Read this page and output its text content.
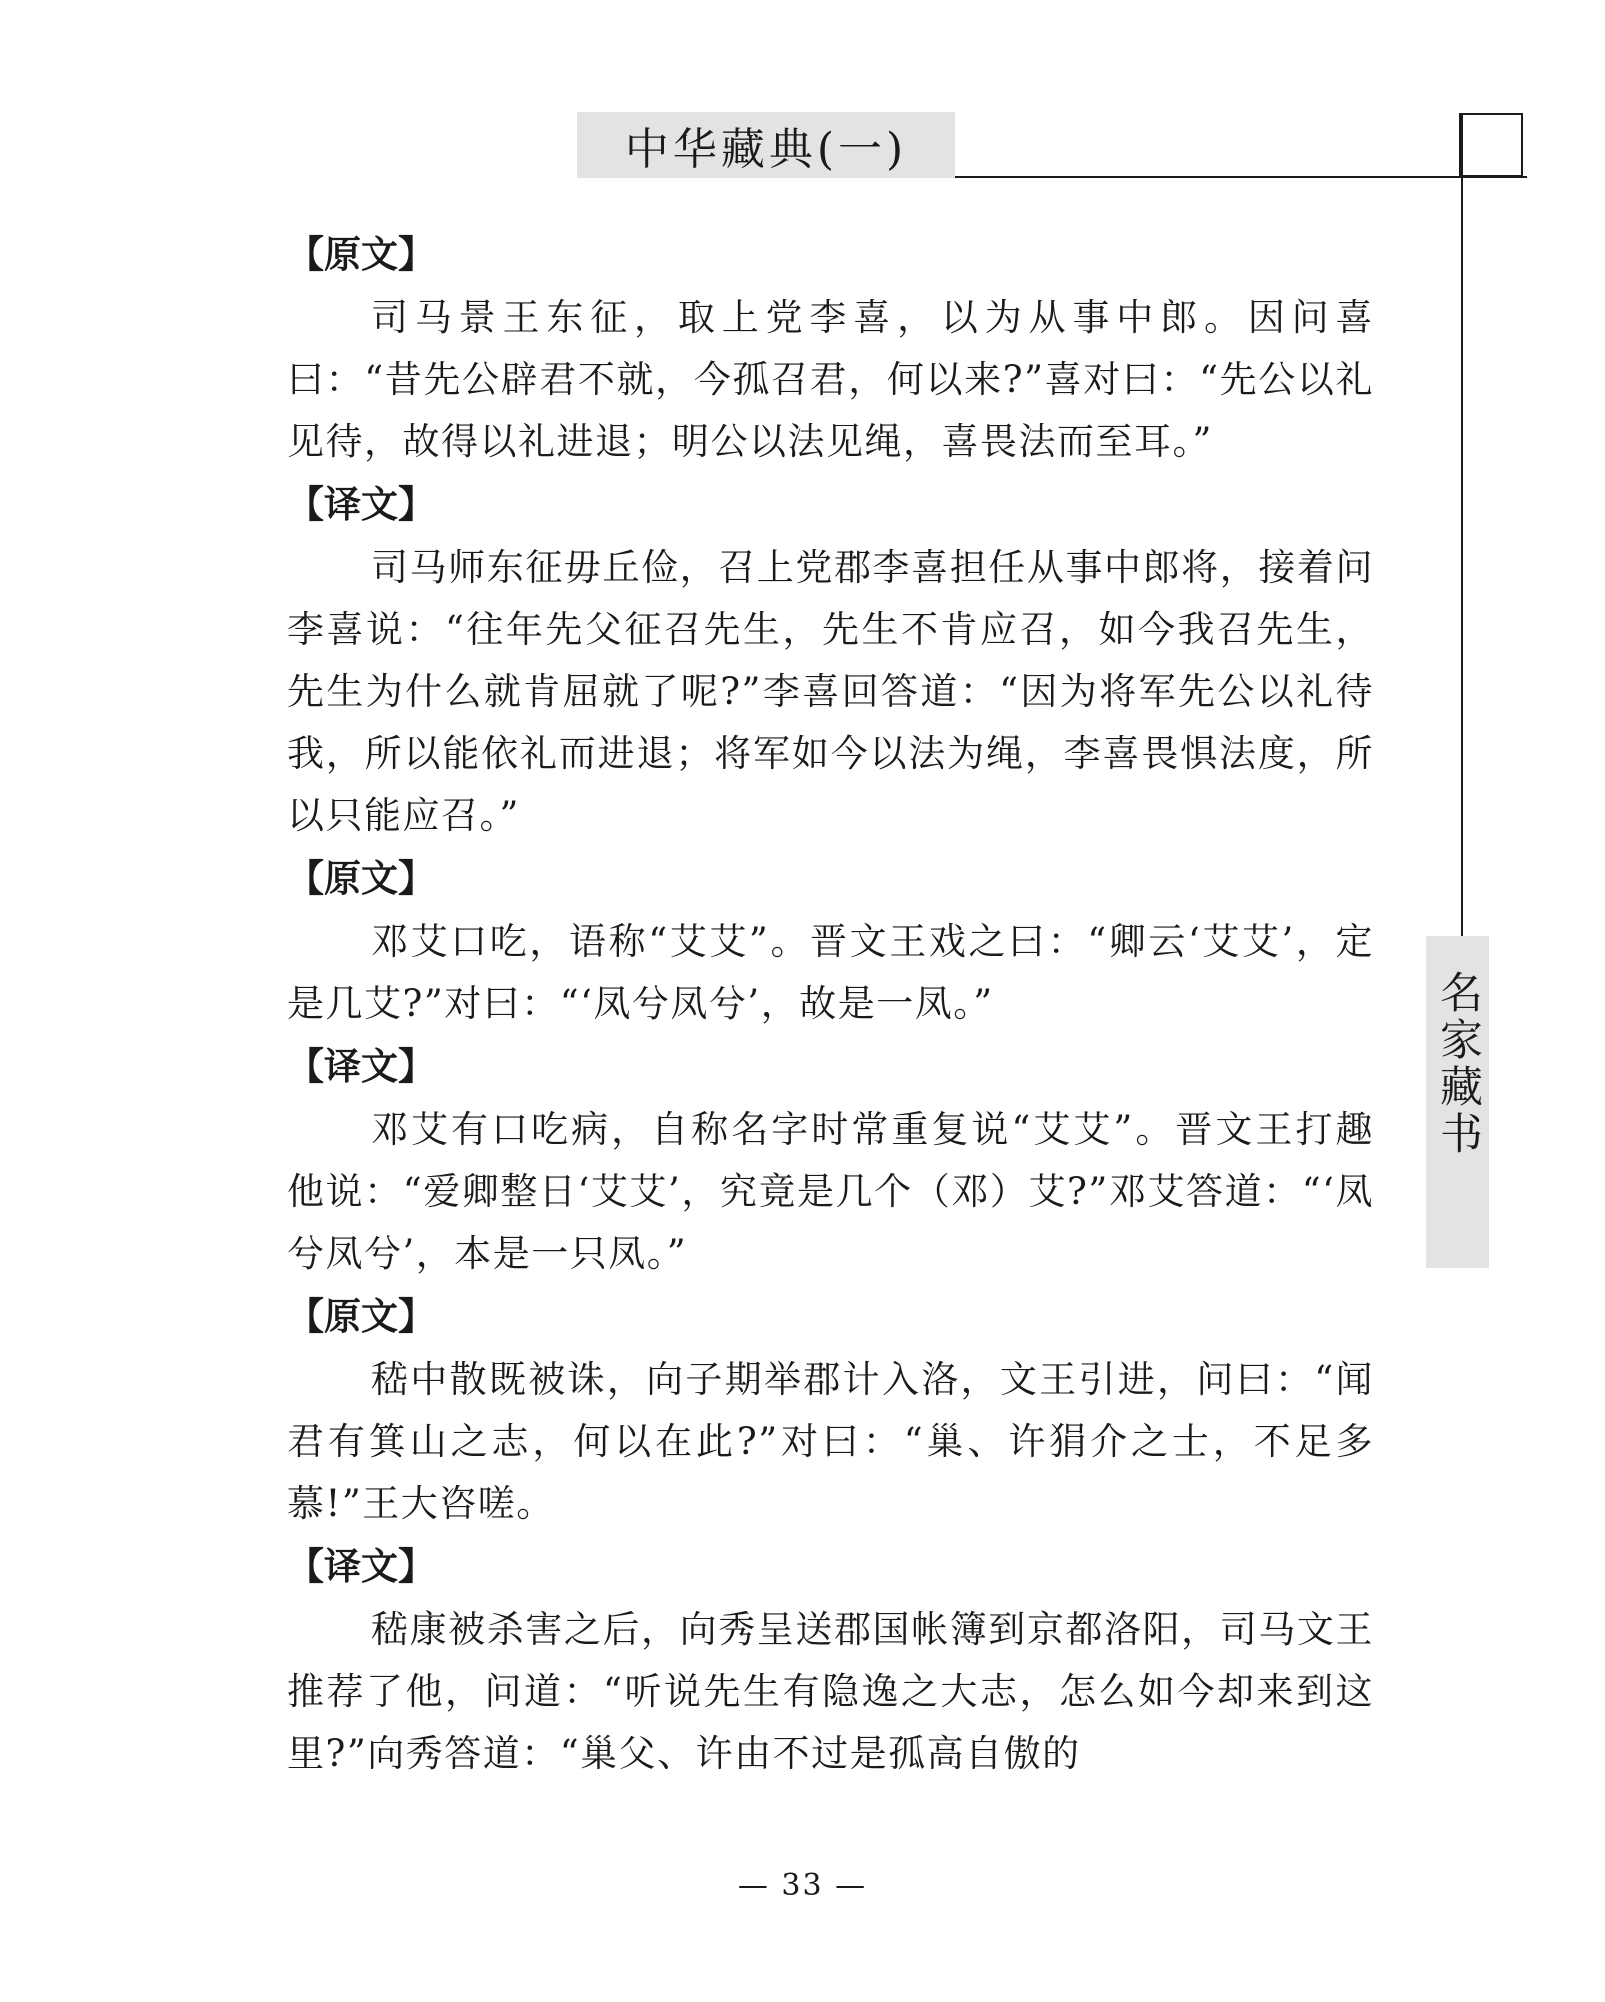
中华藏典(一)
名家藏书
【原文】
司马景王东征，取上党李喜，以为从事中郎。因问喜曰：“昔先公辟君不就，今孤召君，何以来?”喜对曰：“先公以礼见待，故得以礼进退；明公以法见绳，喜畏法而至耳。”
【译文】
司马师东征毋丘俭，召上党郡李喜担任从事中郎将，接着问李喜说：“往年先父征召先生，先生不肯应召，如今我召先生，先生为什么就肯屈就了呢?”李喜回答道：“因为将军先公以礼待我，所以能依礼而进退；将军如今以法为绳，李喜畏惧法度，所以只能应召。”
【原文】
邓艾口吃，语称“艾艾”。晋文王戏之曰：“卿云‘艾艾’，定是几艾?”对曰：“‘凤兮凤兮’，故是一凤。”
【译文】
邓艾有口吃病，自称名字时常重复说“艾艾”。晋文王打趣他说：“爱卿整日‘艾艾’，究竟是几个（邓）艾?”邓艾答道：“‘凤兮凤兮’，本是一只凤。”
【原文】
嵇中散既被诛，向子期举郡计入洛，文王引进，问曰：“闻君有箕山之志，何以在此?”对曰：“巢、许狷介之士，不足多慕!”王大咨嗟。
【译文】
嵇康被杀害之后，向秀呈送郡国帐簿到京都洛阳，司马文王推荐了他，问道：“听说先生有隐逸之大志，怎么如今却来到这里?”向秀答道：“巢父、许由不过是孤高自傲的
— 33 —
